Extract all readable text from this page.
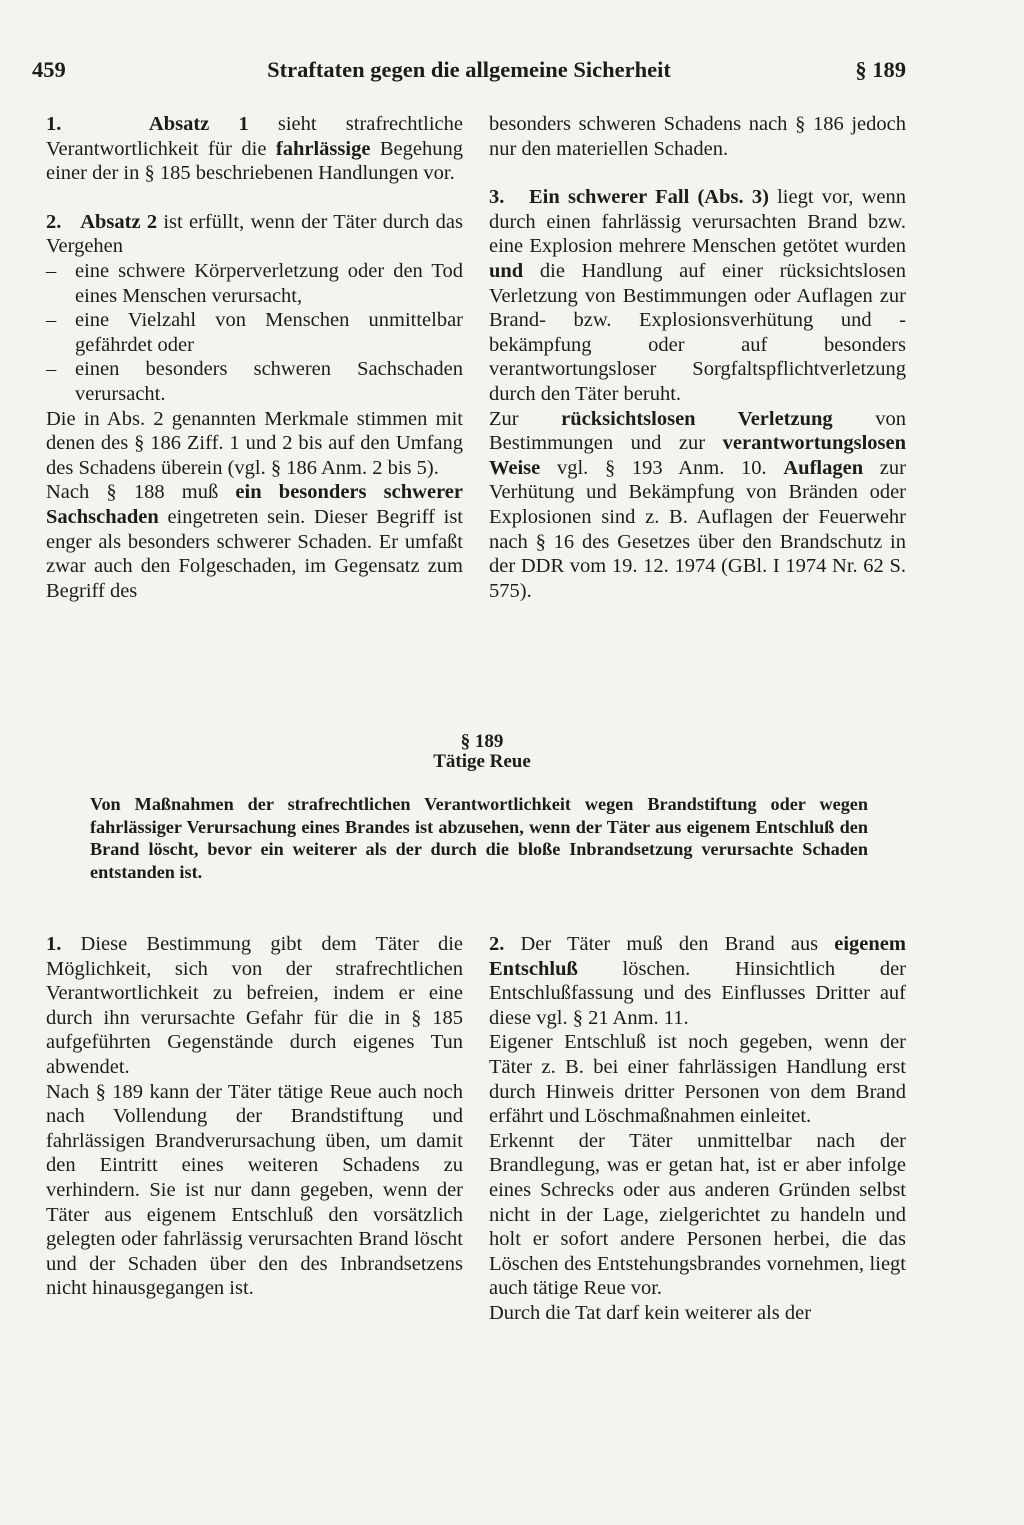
459	Straftaten gegen die allgemeine Sicherheit	§ 189

1.	Absatz 1 sieht strafrechtliche Verantwortlichkeit für die fahrlässige Begehung einer der in § 185 beschriebenen Handlungen vor.

2. Absatz 2 ist erfüllt, wenn der Täter durch das Vergehen

– eine schwere Körperverletzung oder den Tod eines Menschen verursacht,
– eine Vielzahl von Menschen unmittelbar gefährdet oder
– einen besonders schweren Sachschaden verursacht.

Die in Abs. 2 genannten Merkmale stimmen mit denen des § 186 Ziff. 1 und 2 bis auf den Umfang des Schadens überein (vgl. § 186 Anm. 2 bis 5).

Nach § 188 muß ein besonders schwerer Sachschaden eingetreten sein. Dieser Begriff ist enger als besonders schwerer Schaden. Er umfaßt zwar auch den Folgeschaden, im Gegensatz zum Begriff des

besonders schweren Schadens nach § 186 jedoch nur den materiellen Schaden.

3. Ein schwerer Fall (Abs. 3) liegt vor, wenn durch einen fahrlässig verursachten Brand bzw. eine Explosion mehrere Menschen getötet wurden und die Handlung auf einer rücksichtslosen Verletzung von Bestimmungen oder Auflagen zur Brand- bzw. Explosionsverhütung und -bekämpfung oder auf besonders verantwortungsloser Sorgfaltspflichtverletzung durch den Täter beruht.

Zur rücksichtslosen Verletzung von Bestimmungen und zur verantwortungslosen Weise vgl. § 193 Anm. 10. Auflagen zur Verhütung und Bekämpfung von Bränden oder Explosionen sind z. B. Auflagen der Feuerwehr nach § 16 des Gesetzes über den Brandschutz in der DDR vom 19. 12. 1974 (GBl. I 1974 Nr. 62 S. 575).

§ 189
Tätige Reue
Von Maßnahmen der strafrechtlichen Verantwortlichkeit wegen Brandstiftung oder wegen fahrlässiger Verursachung eines Brandes ist abzusehen, wenn der Täter aus eigenem Entschluß den Brand löscht, bevor ein weiterer als der durch die bloße Inbrandsetzung verursachte Schaden entstanden ist.

1. Diese Bestimmung gibt dem Täter die Möglichkeit, sich von der strafrechtlichen Verantwortlichkeit zu befreien, indem er eine durch ihn verursachte Gefahr für die in § 185 aufgeführten Gegenstände durch eigenes Tun abwendet.

Nach § 189 kann der Täter tätige Reue auch noch nach Vollendung der Brandstiftung und fahrlässigen Brandverursachung üben, um damit den Eintritt eines weiteren Schadens zu verhindern. Sie ist nur dann gegeben, wenn der Täter aus eigenem Entschluß den vorsätzlich gelegten oder fahrlässig verursachten Brand löscht und der Schaden über den des Inbrandsetzens nicht hinausgegangen ist.

2. Der Täter muß den Brand aus eigenem Entschluß löschen. Hinsichtlich der Entschlußfassung und des Einflusses Dritter auf diese vgl. § 21 Anm. 11.

Eigener Entschluß ist noch gegeben, wenn der Täter z. B. bei einer fahrlässigen Handlung erst durch Hinweis dritter Personen von dem Brand erfährt und Löschmaßnahmen einleitet.

Erkennt der Täter unmittelbar nach der Brandlegung, was er getan hat, ist er aber infolge eines Schrecks oder aus anderen Gründen selbst nicht in der Lage, zielgerichtet zu handeln und holt er sofort andere Personen herbei, die das Löschen des Entstehungsbrandes vornehmen, liegt auch tätige Reue vor.

Durch die Tat darf kein weiterer als der
